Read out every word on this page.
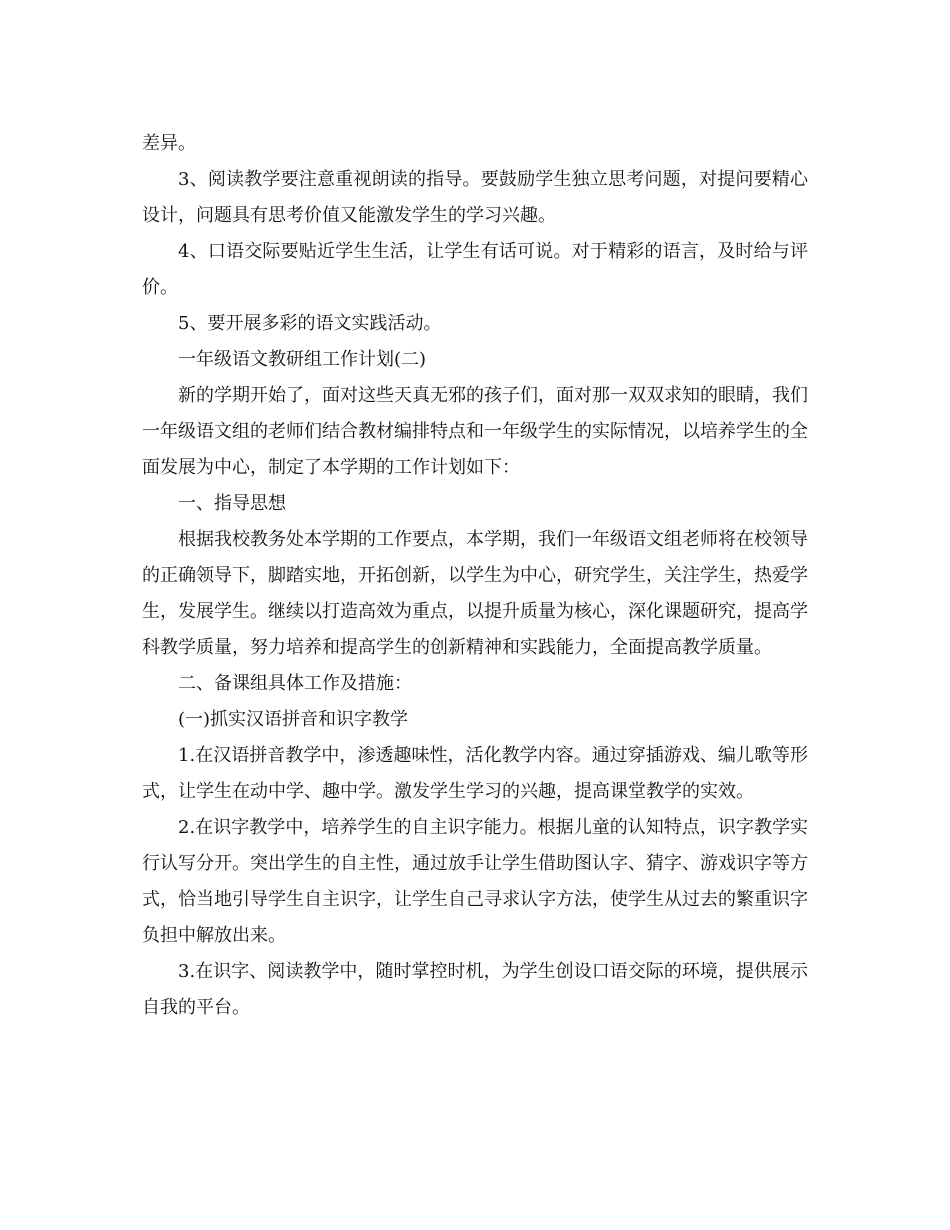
差异。

3、阅读教学要注意重视朗读的指导。要鼓励学生独立思考问题，对提问要精心设计，问题具有思考价值又能激发学生的学习兴趣。

4、口语交际要贴近学生生活，让学生有话可说。对于精彩的语言，及时给与评价。

5、要开展多彩的语文实践活动。

一年级语文教研组工作计划(二)

新的学期开始了，面对这些天真无邪的孩子们，面对那一双双求知的眼睛，我们一年级语文组的老师们结合教材编排特点和一年级学生的实际情况，以培养学生的全面发展为中心，制定了本学期的工作计划如下：

一、指导思想

根据我校教务处本学期的工作要点，本学期，我们一年级语文组老师将在校领导的正确领导下，脚踏实地，开拓创新，以学生为中心，研究学生，关注学生，热爱学生，发展学生。继续以打造高效为重点，以提升质量为核心，深化课题研究，提高学科教学质量，努力培养和提高学生的创新精神和实践能力，全面提高教学质量。

二、备课组具体工作及措施：

(一)抓实汉语拼音和识字教学

1.在汉语拼音教学中，渗透趣味性，活化教学内容。通过穿插游戏、编儿歌等形式，让学生在动中学、趣中学。激发学生学习的兴趣，提高课堂教学的实效。

2.在识字教学中，培养学生的自主识字能力。根据儿童的认知特点，识字教学实行认写分开。突出学生的自主性，通过放手让学生借助图认字、猜字、游戏识字等方式，恰当地引导学生自主识字，让学生自己寻求认字方法，使学生从过去的繁重识字负担中解放出来。

3.在识字、阅读教学中，随时掌控时机，为学生创设口语交际的环境，提供展示自我的平台。
